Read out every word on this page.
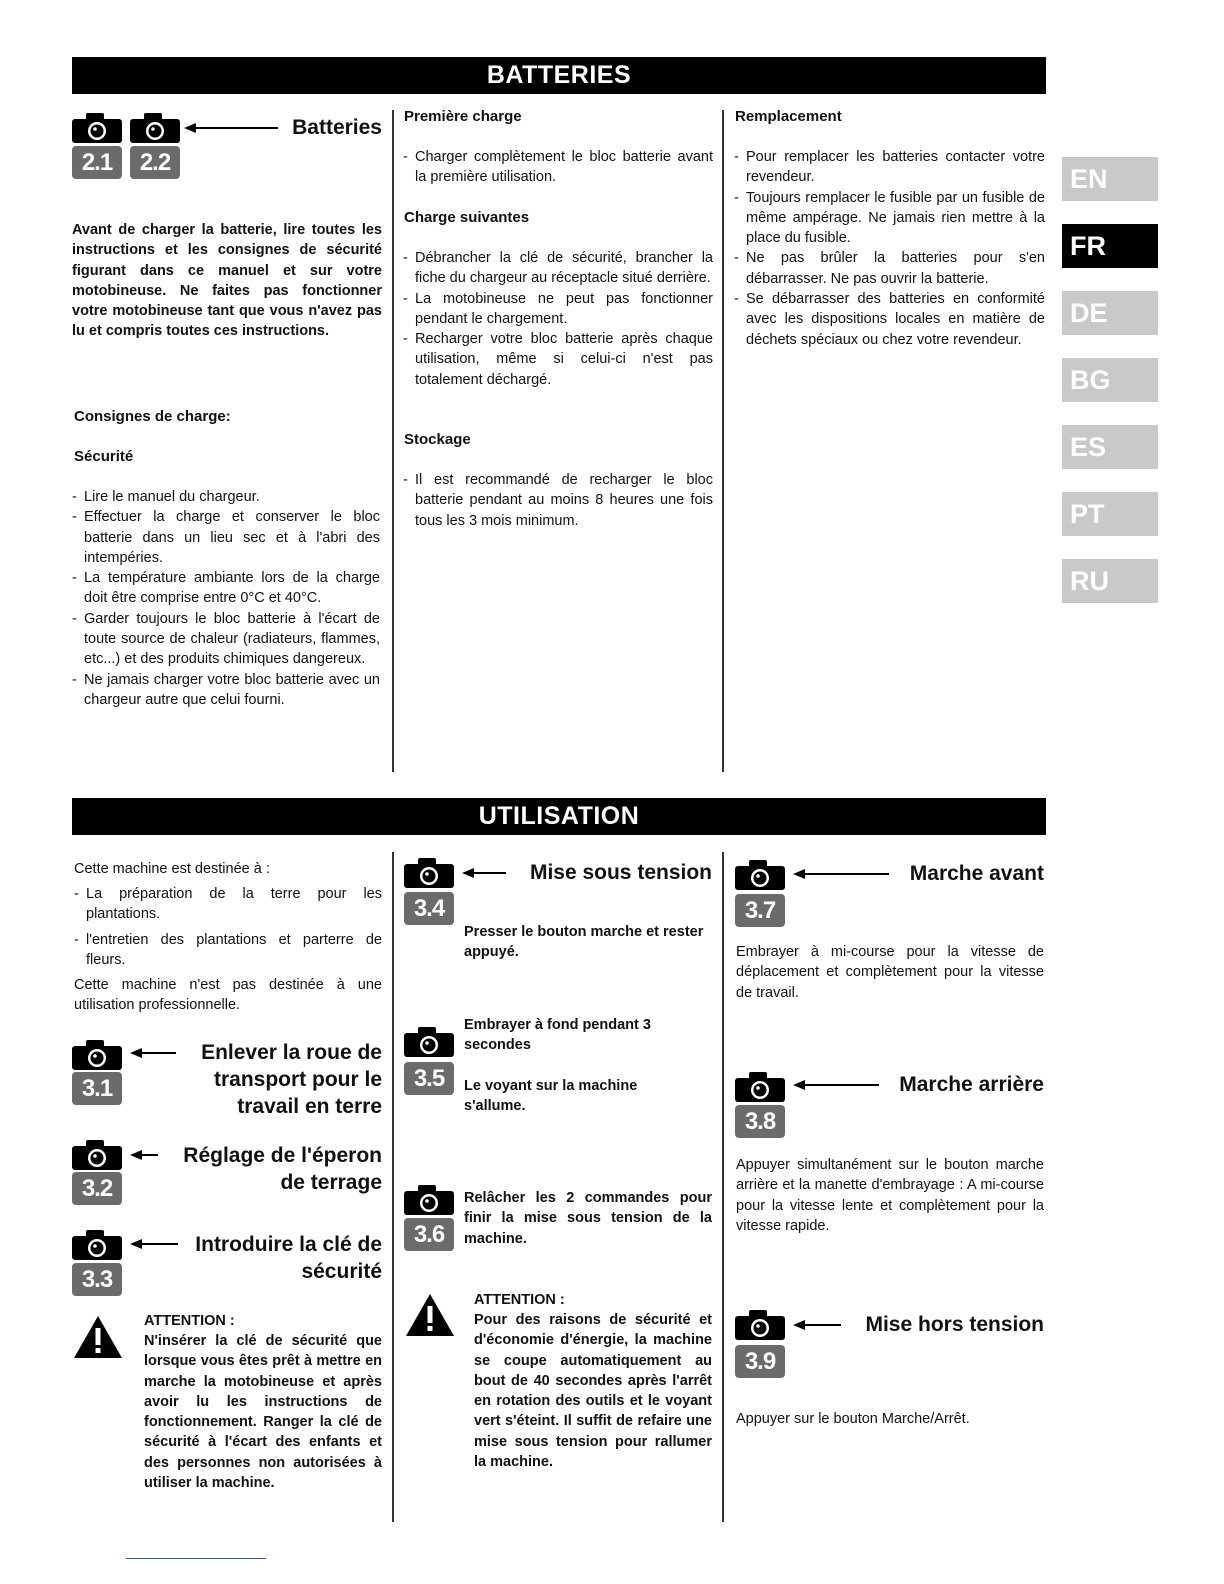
BATTERIES
Batteries
2.1	2.2
Avant de charger la batterie, lire toutes les instructions et les consignes de sécurité figurant dans ce manuel et sur votre motobineuse. Ne faites pas fonctionner votre motobineuse tant que vous n'avez pas lu et compris toutes ces instructions.
Consignes de charge:
Sécurité
- Lire le manuel du chargeur.
- Effectuer la charge et conserver le bloc batterie dans un lieu sec et à l'abri des intempéries.
- La température ambiante lors de la charge doit être comprise entre 0°C et 40°C.
- Garder toujours le bloc batterie à l'écart de toute source de chaleur (radiateurs, flammes, etc...) et des produits chimiques dangereux.
- Ne jamais charger votre bloc batterie avec un chargeur autre que celui fourni.
Première charge
- Charger complètement le bloc batterie avant la première utilisation.
Charge suivantes
- Débrancher la clé de sécurité, brancher la fiche du chargeur au réceptacle situé derrière.
- La motobineuse ne peut pas fonctionner pendant le chargement.
- Recharger votre bloc batterie après chaque utilisation, même si celui-ci n'est pas totalement déchargé.
Stockage
- Il est recommandé de recharger le bloc batterie pendant au moins 8 heures une fois tous les 3 mois minimum.
Remplacement
- Pour remplacer les batteries contacter votre revendeur.
- Toujours remplacer le fusible par un fusible de même ampérage. Ne jamais rien mettre à la place du fusible.
- Ne pas brûler la batteries pour s'en débarrasser. Ne pas ouvrir la batterie.
- Se débarrasser des batteries en conformité avec les dispositions locales en matière de déchets spéciaux ou chez votre revendeur.
UTILISATION
Cette machine est destinée à :
- La préparation de la terre pour les plantations.
- l'entretien des plantations et parterre de fleurs.
Cette machine n'est pas destinée à une utilisation professionnelle.
3.1
Enlever la roue de transport pour le travail en terre
3.2
Réglage de l'éperon de terrage
3.3
Introduire la clé de sécurité
ATTENTION :
N'insérer la clé de sécurité que lorsque vous êtes prêt à mettre en marche la motobineuse et après avoir lu les instructions de fonctionnement. Ranger la clé de sécurité à l'écart des enfants et des personnes non autorisées à utiliser la machine.
Mise sous tension
3.4
Presser le bouton marche et rester appuyé.
3.5
Embrayer à fond pendant 3 secondes
Le voyant sur la machine s'allume.
3.6
Relâcher les 2 commandes pour finir la mise sous tension de la machine.
ATTENTION :
Pour des raisons de sécurité et d'économie d'énergie, la machine se coupe automatiquement au bout de 40 secondes après l'arrêt en rotation des outils et le voyant vert s'éteint. Il suffit de refaire une mise sous tension pour rallumer la machine.
Marche avant
3.7
Embrayer à mi-course pour la vitesse de déplacement et complètement pour la vitesse de travail.
Marche arrière
3.8
Appuyer simultanément sur le bouton marche arrière et la manette d'embrayage : A mi-course pour la vitesse lente et complètement pour la vitesse rapide.
Mise hors tension
3.9
Appuyer sur le bouton Marche/Arrêt.
EN
FR
DE
BG
ES
PT
RU
